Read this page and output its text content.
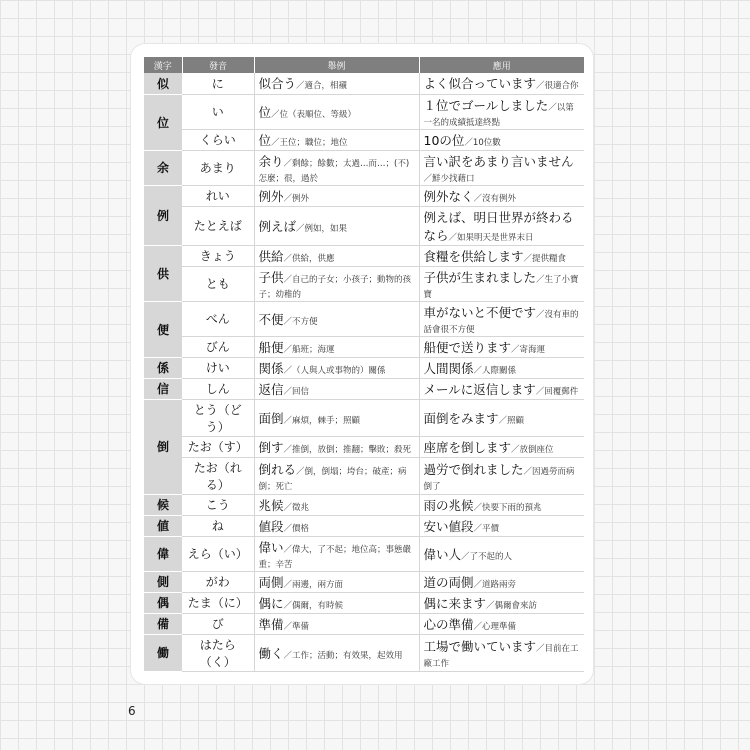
漢字	發音	舉例	應用
似	に	似合う／適合，相襯	よく似合っています／很適合你
位	い	位／位（表順位、等級）	１位でゴールしました／以第一名的成績抵達終點
	くらい	位／王位；職位；地位	10の位／10位數
余	あまり	余り／剩餘；餘數；太過…而…；(不)怎麼；很，過於	言い訳をあまり言いません／鮮少找藉口
例	れい	例外／例外	例外なく／沒有例外
	たとえば	例えば／例如，如果	例えば、明日世界が終わるなら／如果明天是世界末日
供	きょう	供給／供給，供應	食糧を供給します／提供糧食
	とも	子供／自己的子女；小孩子；動物的孩子；幼稚的	子供が生まれました／生了小寶寶
便	べん	不便／不方便	車がないと不便です／沒有車的話會很不方便
	びん	船便／船班；海運	船便で送ります／寄海運
係	けい	関係／（人與人或事物的）關係	人間関係／人際關係
信	しん	返信／回信	メールに返信します／回覆郵件
倒	とう（どう）	面倒／麻煩，棘手；照顧	面倒をみます／照顧
	たお（す）	倒す／推倒，放倒；推翻；擊敗；殺死	座席を倒します／放倒座位
	たお（れる）	倒れる／倒，倒塌；垮台；破產；病倒；死亡	過労で倒れました／因過勞而病倒了
候	こう	兆候／徵兆	雨の兆候／快要下雨的預兆
値	ね	値段／價格	安い値段／平價
偉	えら（い）	偉い／偉大，了不起；地位高；事態嚴重；辛苦	偉い人／了不起的人
側	がわ	両側／兩邊，兩方面	道の両側／道路兩旁
偶	たま（に）	偶に／偶爾，有時候	偶に来ます／偶爾會來訪
備	び	準備／準備	心の準備／心理準備
働	はたら（く）	働く／工作；活動；有效果，起效用	工場で働いています／目前在工廠工作
6
